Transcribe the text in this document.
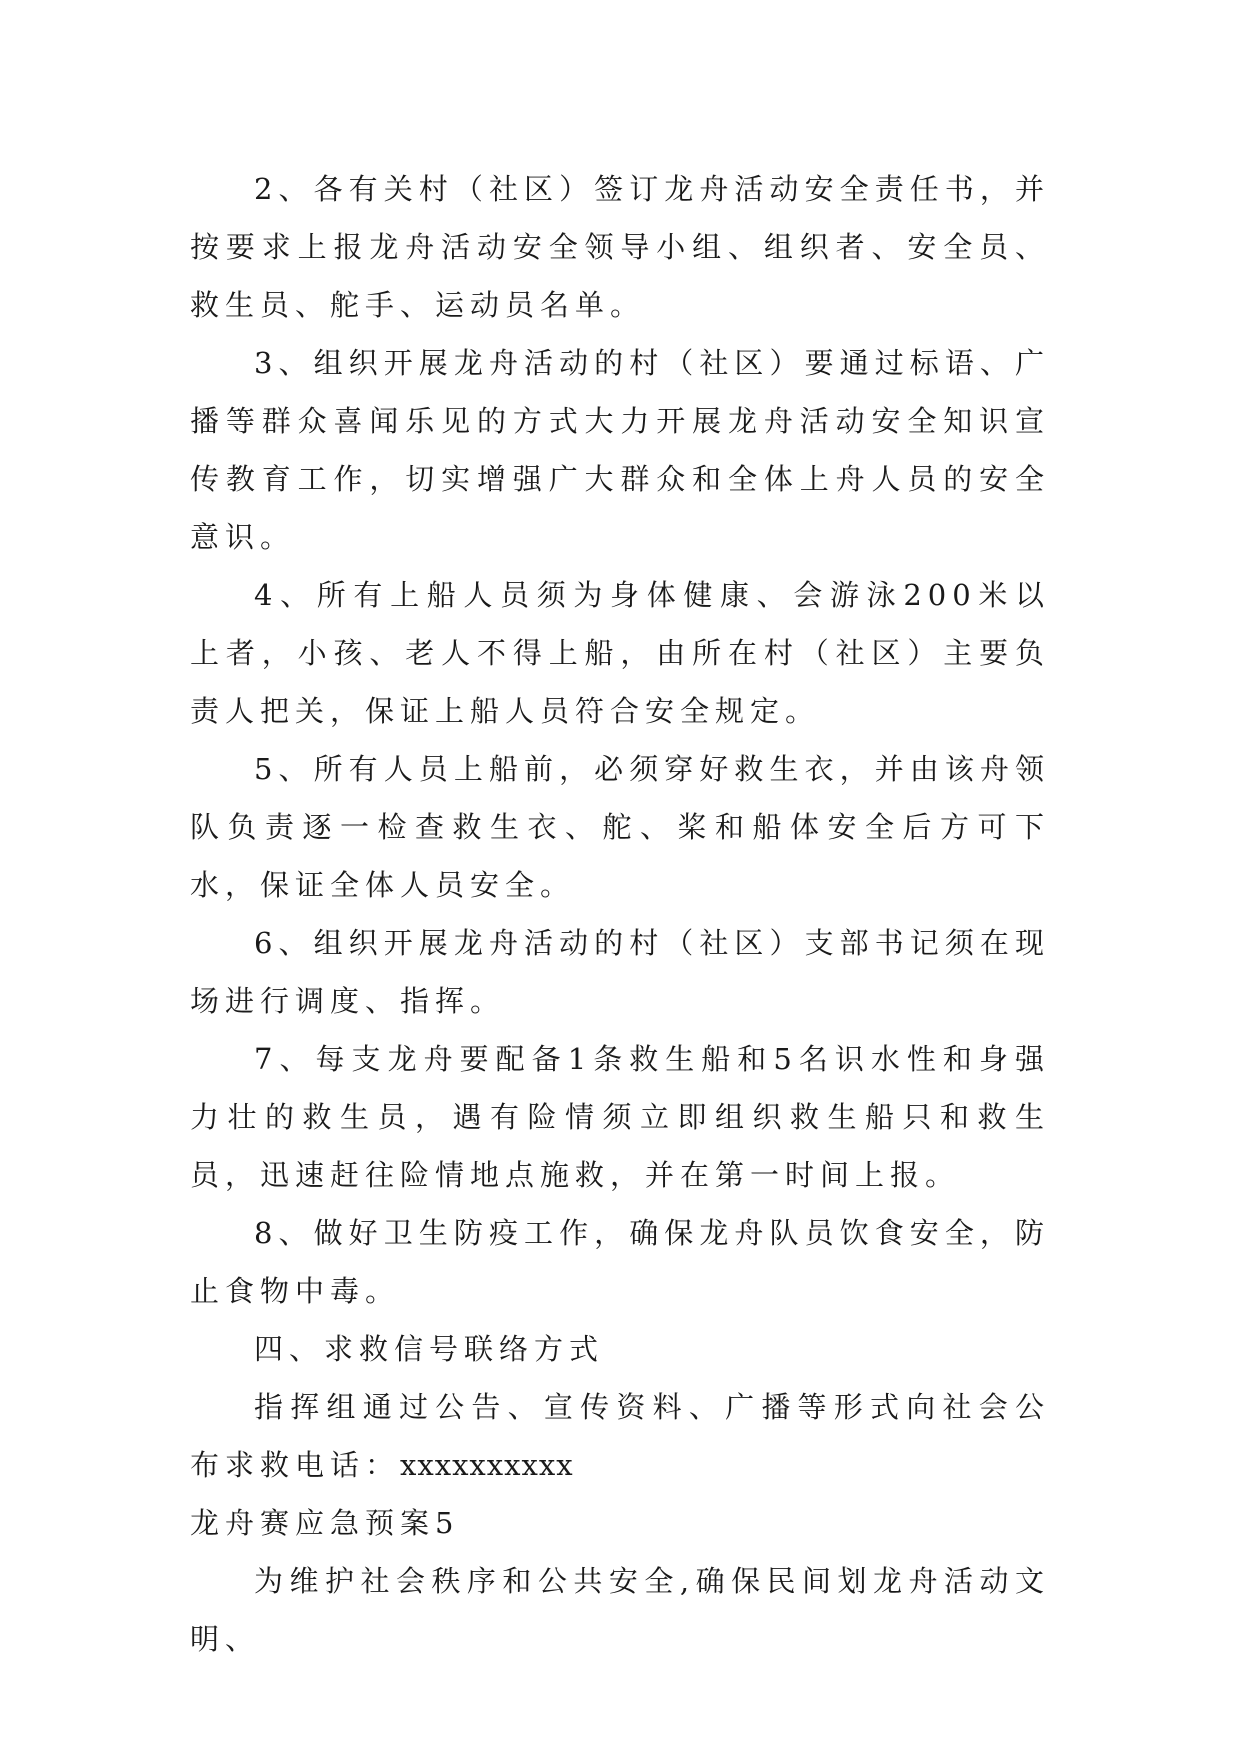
2、各有关村（社区）签订龙舟活动安全责任书，并按要求上报龙舟活动安全领导小组、组织者、安全员、救生员、舵手、运动员名单。

3、组织开展龙舟活动的村（社区）要通过标语、广播等群众喜闻乐见的方式大力开展龙舟活动安全知识宣传教育工作，切实增强广大群众和全体上舟人员的安全意识。

4、所有上船人员须为身体健康、会游泳200米以上者，小孩、老人不得上船，由所在村（社区）主要负责人把关，保证上船人员符合安全规定。

5、所有人员上船前，必须穿好救生衣，并由该舟领队负责逐一检查救生衣、舵、桨和船体安全后方可下水，保证全体人员安全。

6、组织开展龙舟活动的村（社区）支部书记须在现场进行调度、指挥。

7、每支龙舟要配备1条救生船和5名识水性和身强力壮的救生员，遇有险情须立即组织救生船只和救生员，迅速赶往险情地点施救，并在第一时间上报。

8、做好卫生防疫工作，确保龙舟队员饮食安全，防止食物中毒。

四、求救信号联络方式

指挥组通过公告、宣传资料、广播等形式向社会公布求救电话：xxxxxxxxxx

龙舟赛应急预案5

为维护社会秩序和公共安全,确保民间划龙舟活动文明、
